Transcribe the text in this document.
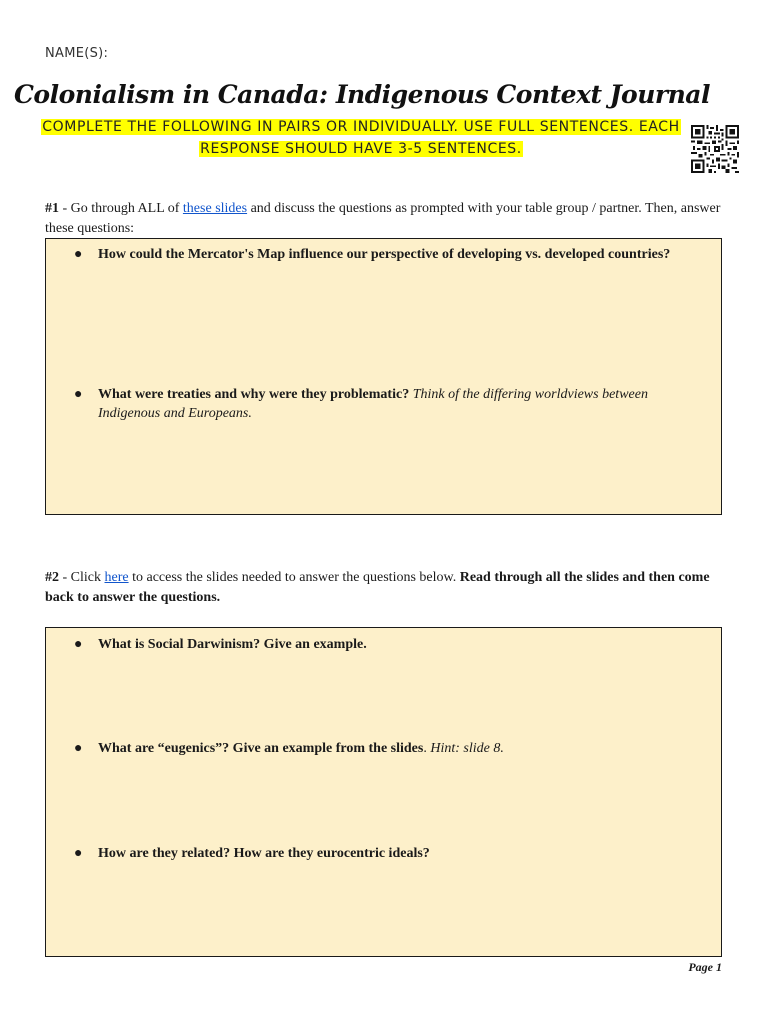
NAME(S):
Colonialism in Canada: Indigenous Context Journal
COMPLETE THE FOLLOWING IN PAIRS OR INDIVIDUALLY. USE FULL SENTENCES. EACH RESPONSE SHOULD HAVE 3-5 SENTENCES.
#1 - Go through ALL of these slides and discuss the questions as prompted with your table group / partner. Then, answer these questions:
● How could the Mercator's Map influence our perspective of developing vs. developed countries?
● What were treaties and why were they problematic? Think of the differing worldviews between Indigenous and Europeans.
#2 - Click here to access the slides needed to answer the questions below. Read through all the slides and then come back to answer the questions.
● What is Social Darwinism? Give an example.
● What are “eugenics”? Give an example from the slides. Hint: slide 8.
● How are they related? How are they eurocentric ideals?
Page 1
